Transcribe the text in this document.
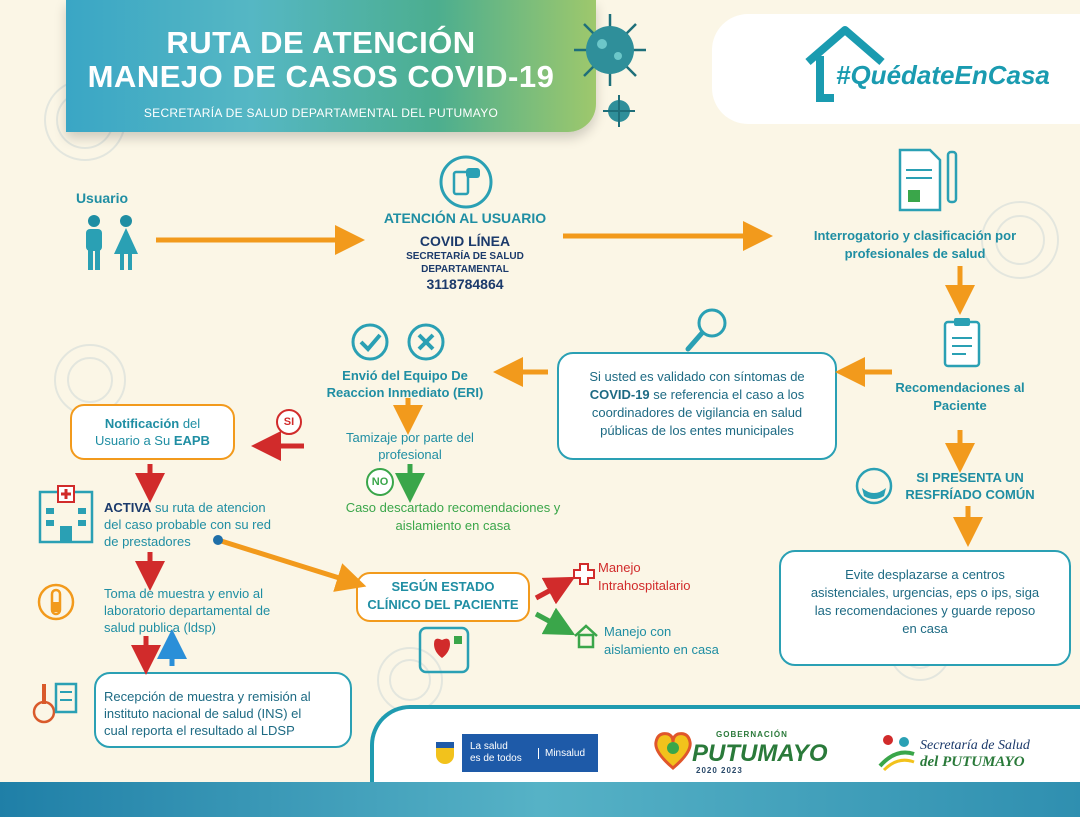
RUTA DE ATENCIÓN
MANEJO DE CASOS COVID-19
SECRETARÍA DE SALUD DEPARTAMENTAL DEL PUTUMAYO
#QuédateEnCasa
Usuario
ATENCIÓN AL USUARIO
COVID LÍNEA
SECRETARÍA DE SALUD
DEPARTAMENTAL
3118784864
Interrogatorio y clasificación por
profesionales de salud
Recomendaciones al
Paciente
SI PRESENTA UN
RESFRÍADO COMÚN
Evite desplazarse a centros
asistenciales, urgencias, eps o ips, siga
las recomendaciones y guarde reposo
en casa
Si usted es validado con síntomas de
COVID-19 se referencia el caso a los
coordinadores de vigilancia en salud
públicas de los entes municipales
Envió del Equipo De
Reaccion Inmediato (ERI)
Tamizaje por parte del
profesional
SI
NO
Caso descartado recomendaciones y
aislamiento en casa
Notificación del
Usuario a Su EAPB
ACTIVA su ruta de atencion
del caso probable con su red
de prestadores
Toma de muestra y envio al
laboratorio departamental de
salud publica (ldsp)
Recepción de muestra y remisión al
instituto nacional de salud (INS) el
cual reporta el resultado al LDSP
SEGÚN ESTADO
CLÍNICO DEL PACIENTE
Manejo
Intrahospitalario
Manejo con
aislamiento en casa
La salud
es de todos	Minsalud
GOBERNACIÓN
PUTUMAYO
2020 2023
Secretaría de Salud
del PUTUMAYO
